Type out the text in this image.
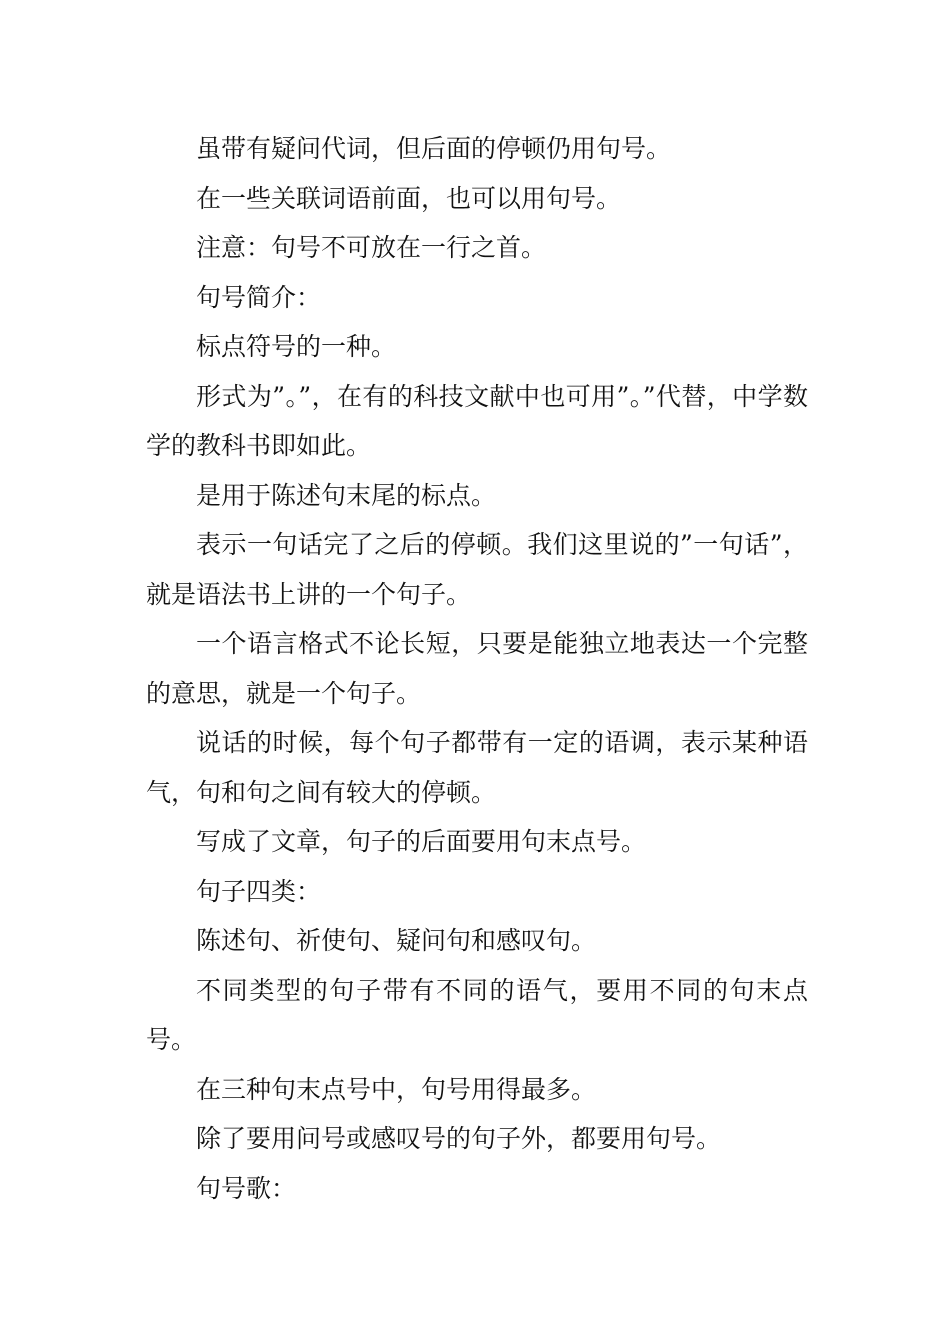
虽带有疑问代词，但后面的停顿仍用句号。

在一些关联词语前面，也可以用句号。

注意：句号不可放在一行之首。

句号简介：

标点符号的一种。

形式为”。”，在有的科技文献中也可用”。”代替，中学数学的教科书即如此。

是用于陈述句末尾的标点。

表示一句话完了之后的停顿。我们这里说的”一句话”，就是语法书上讲的一个句子。

一个语言格式不论长短，只要是能独立地表达一个完整的意思，就是一个句子。

说话的时候，每个句子都带有一定的语调，表示某种语气，句和句之间有较大的停顿。

写成了文章，句子的后面要用句末点号。

句子四类：

陈述句、祈使句、疑问句和感叹句。

不同类型的句子带有不同的语气，要用不同的句末点号。

在三种句末点号中，句号用得最多。

除了要用问号或感叹号的句子外，都要用句号。

句号歌：
